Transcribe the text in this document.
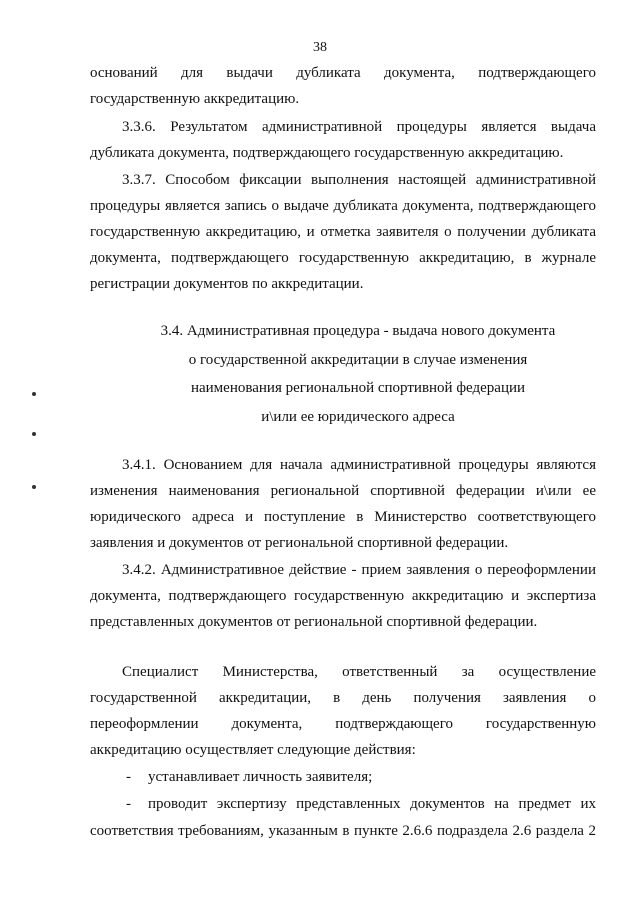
38

оснований для выдачи дубликата документа, подтверждающего государственную аккредитацию.

3.3.6. Результатом административной процедуры является выдача дубликата документа, подтверждающего государственную аккредитацию.

3.3.7. Способом фиксации выполнения настоящей административной процедуры является запись о выдаче дубликата документа, подтверждающего государственную аккредитацию, и отметка заявителя о получении дубликата документа, подтверждающего государственную аккредитацию, в журнале регистрации документов по аккредитации.

3.4. Административная процедура - выдача нового документа
о государственной аккредитации в случае изменения
наименования региональной спортивной федерации
и\или ее юридического адреса

3.4.1. Основанием для начала административной процедуры являются изменения наименования региональной спортивной федерации и\или ее юридического адреса и поступление в Министерство соответствующего заявления и документов от региональной спортивной федерации.

3.4.2. Административное действие - прием заявления о переоформлении документа, подтверждающего государственную аккредитацию и экспертиза представленных документов от региональной спортивной федерации.

Специалист Министерства, ответственный за осуществление государственной аккредитации, в день получения заявления о переоформлении документа, подтверждающего государственную аккредитацию осуществляет следующие действия:

- устанавливает личность заявителя;

- проводит экспертизу представленных документов на предмет их

соответствия требованиям, указанным в пункте 2.6.6 подраздела 2.6 раздела 2
